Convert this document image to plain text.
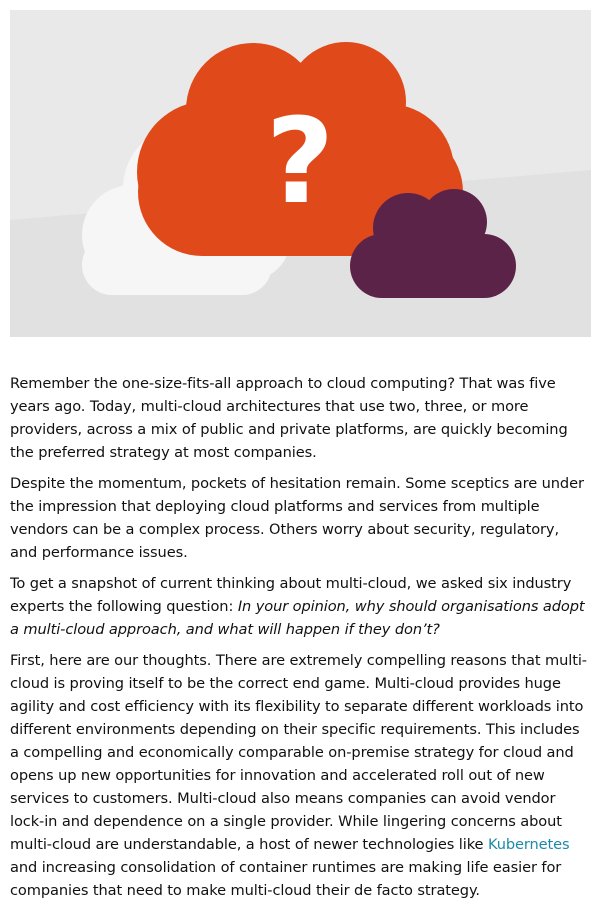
?

Remember the one-size-fits-all approach to cloud computing? That was five years ago. Today, multi-cloud architectures that use two, three, or more providers, across a mix of public and private platforms, are quickly becoming the preferred strategy at most companies.

Despite the momentum, pockets of hesitation remain. Some sceptics are under the impression that deploying cloud platforms and services from multiple vendors can be a complex process. Others worry about security, regulatory, and performance issues.

To get a snapshot of current thinking about multi-cloud, we asked six industry experts the following question: In your opinion, why should organisations adopt a multi-cloud approach, and what will happen if they don’t?

First, here are our thoughts. There are extremely compelling reasons that multi-cloud is proving itself to be the correct end game. Multi-cloud provides huge agility and cost efficiency with its flexibility to separate different workloads into different environments depending on their specific requirements. This includes a compelling and economically comparable on-premise strategy for cloud and opens up new opportunities for innovation and accelerated roll out of new services to customers. Multi-cloud also means companies can avoid vendor lock-in and dependence on a single provider. While lingering concerns about multi-cloud are understandable, a host of newer technologies like Kubernetes and increasing consolidation of container runtimes are making life easier for companies that need to make multi-cloud their de facto strategy.
